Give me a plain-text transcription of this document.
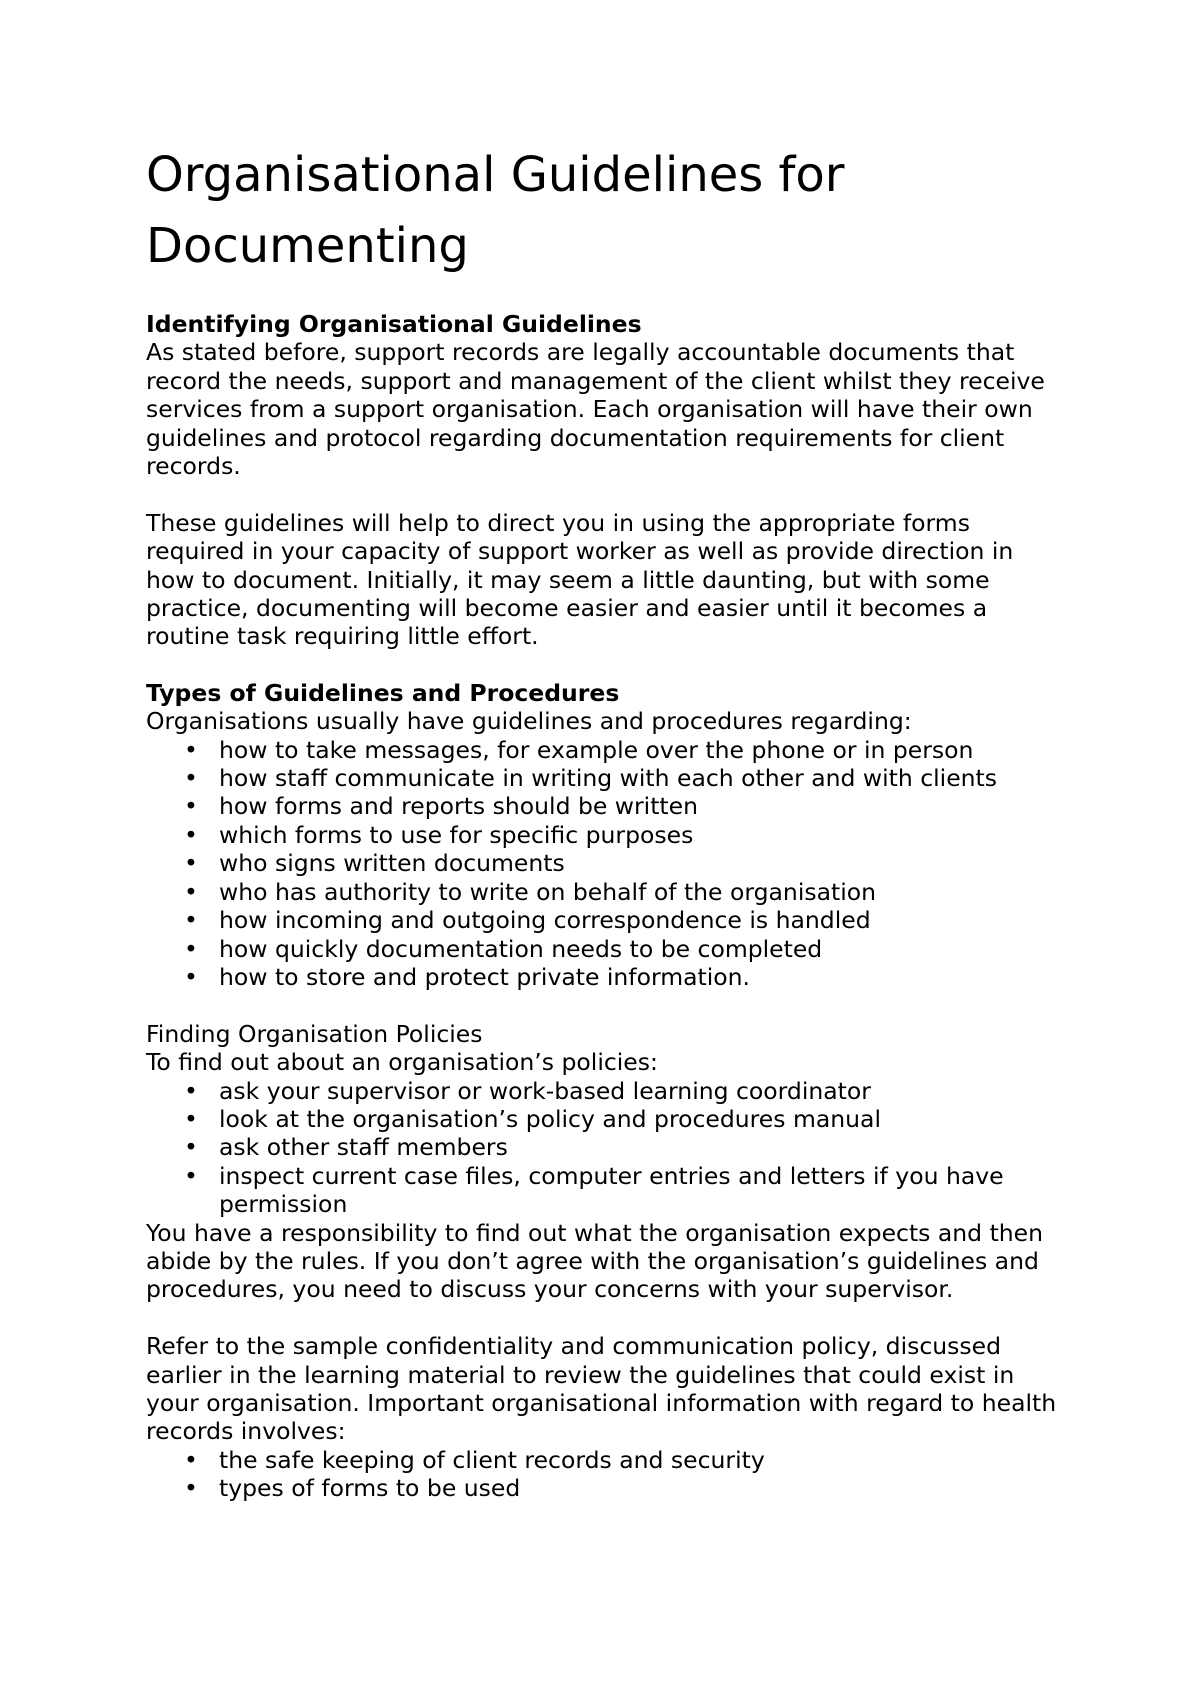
Organisational Guidelines for Documenting
Identifying Organisational Guidelines

As stated before, support records are legally accountable documents that record the needs, support and management of the client whilst they receive services from a support organisation. Each organisation will have their own guidelines and protocol regarding documentation requirements for client records.

These guidelines will help to direct you in using the appropriate forms required in your capacity of support worker as well as provide direction in how to document. Initially, it may seem a little daunting, but with some practice, documenting will become easier and easier until it becomes a routine task requiring little effort.

Types of Guidelines and Procedures

Organisations usually have guidelines and procedures regarding:

• how to take messages, for example over the phone or in person
• how staff communicate in writing with each other and with clients
• how forms and reports should be written
• which forms to use for specific purposes
• who signs written documents
• who has authority to write on behalf of the organisation
• how incoming and outgoing correspondence is handled
• how quickly documentation needs to be completed
• how to store and protect private information.
Finding Organisation Policies

To find out about an organisation’s policies:

• ask your supervisor or work-based learning coordinator
• look at the organisation’s policy and procedures manual
• ask other staff members
• inspect current case files, computer entries and letters if you have permission

You have a responsibility to find out what the organisation expects and then abide by the rules. If you don’t agree with the organisation’s guidelines and procedures, you need to discuss your concerns with your supervisor.

Refer to the sample confidentiality and communication policy, discussed earlier in the learning material to review the guidelines that could exist in your organisation. Important organisational information with regard to health records involves:

• the safe keeping of client records and security
• types of forms to be used
